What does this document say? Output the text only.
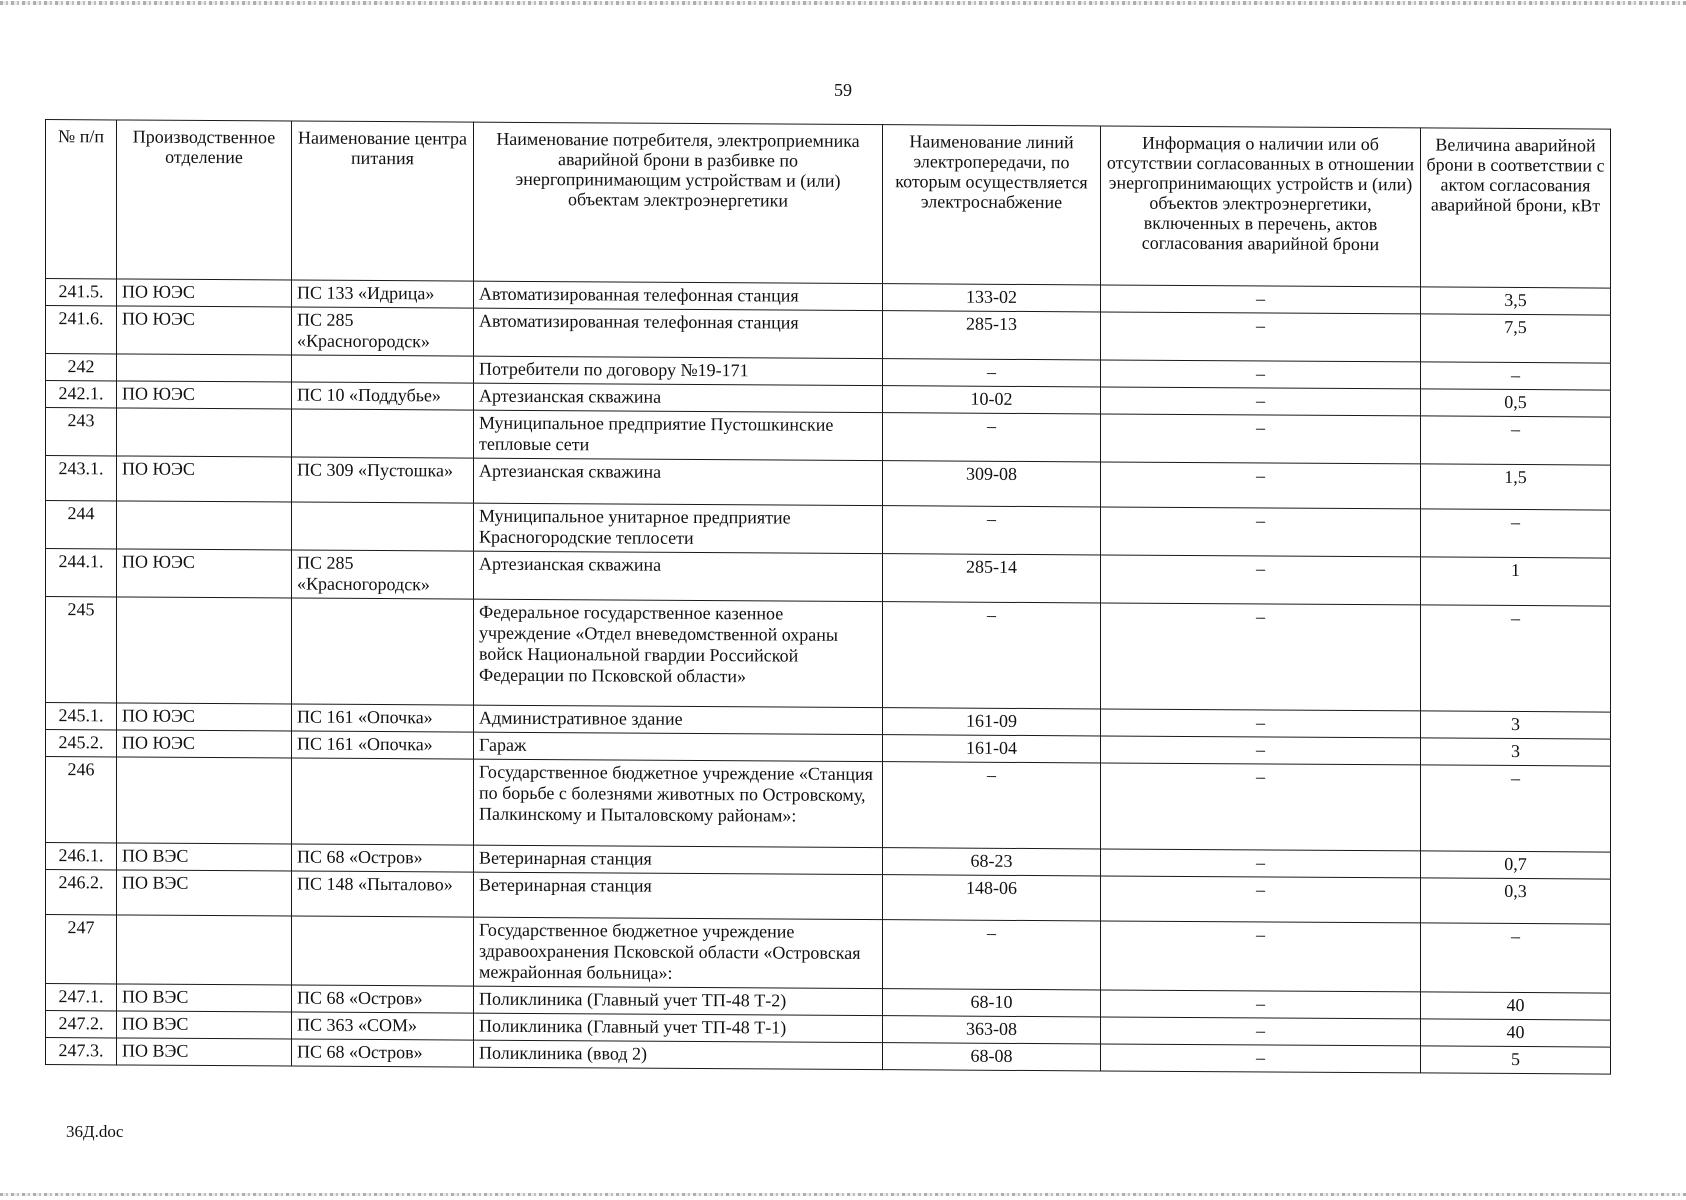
59
№ п/п	Производственное отделение	Наименование центра питания	Наименование потребителя, электроприемника аварийной брони в разбивке по энергопринимающим устройствам и (или) объектам электроэнергетики	Наименование линий электропередачи, по которым осуществляется электроснабжение	Информация о наличии или об отсутствии согласованных в отношении энергопринимающих устройств и (или) объектов электроэнергетики, включенных в перечень, актов согласования аварийной брони	Величина аварийной брони в соответствии с актом согласования аварийной брони, кВт
241.5.	ПО ЮЭС	ПС 133 «Идрица»	Автоматизированная телефонная станция	133-02	–	3,5
241.6.	ПО ЮЭС	ПС 285 «Красногородск»	Автоматизированная телефонная станция	285-13	–	7,5
242			Потребители по договору №19-171	–	–	–
242.1.	ПО ЮЭС	ПС 10 «Поддубье»	Артезианская скважина	10-02	–	0,5
243			Муниципальное предприятие Пустошкинские тепловые сети	–	–	–
243.1.	ПО ЮЭС	ПС 309 «Пустошка»	Артезианская скважина	309-08	–	1,5
244			Муниципальное унитарное предприятие Красногородские теплосети	–	–	–
244.1.	ПО ЮЭС	ПС 285 «Красногородск»	Артезианская скважина	285-14	–	1
245			Федеральное государственное казенное учреждение «Отдел вневедомственной охраны войск Национальной гвардии Российской Федерации по Псковской области»	–	–	–
245.1.	ПО ЮЭС	ПС 161 «Опочка»	Административное здание	161-09	–	3
245.2.	ПО ЮЭС	ПС 161 «Опочка»	Гараж	161-04	–	3
246			Государственное бюджетное учреждение «Станция по борьбе с болезнями животных по Островскому, Палкинскому и Пыталовскому районам»:	–	–	–
246.1.	ПО ВЭС	ПС 68 «Остров»	Ветеринарная станция	68-23	–	0,7
246.2.	ПО ВЭС	ПС 148 «Пыталово»	Ветеринарная станция	148-06	–	0,3
247			Государственное бюджетное учреждение здравоохранения Псковской области «Островская межрайонная больница»:	–	–	–
247.1.	ПО ВЭС	ПС 68 «Остров»	Поликлиника (Главный учет ТП-48 Т-2)	68-10	–	40
247.2.	ПО ВЭС	ПС 363 «СОМ»	Поликлиника (Главный учет ТП-48 Т-1)	363-08	–	40
247.3.	ПО ВЭС	ПС 68 «Остров»	Поликлиника (ввод 2)	68-08	–	5
36Д.doc
